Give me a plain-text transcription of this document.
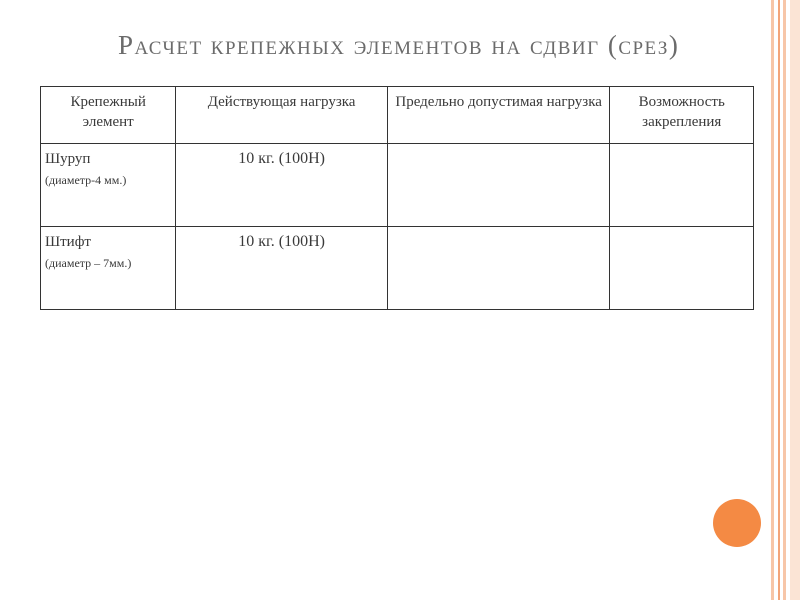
Расчет крепежных элементов на сдвиг (срез)
Крепежный элемент	Действующая нагрузка	Предельно допустимая нагрузка	Возможность закрепления

Шуруп
(диаметр-4 мм.)	10 кг. (100Н)		

Штифт
(диаметр – 7мм.)	10 кг. (100Н)		
